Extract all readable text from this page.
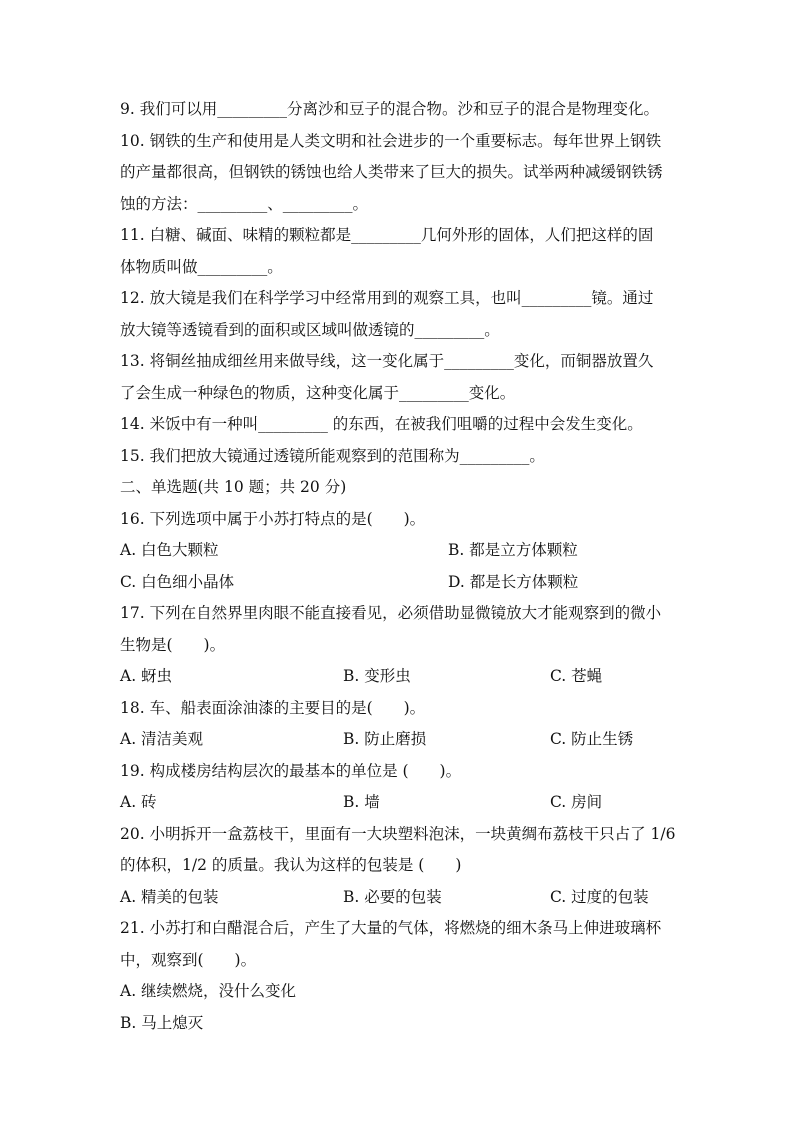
9. 我们可以用_________分离沙和豆子的混合物。沙和豆子的混合是物理变化。
10. 钢铁的生产和使用是人类文明和社会进步的一个重要标志。每年世界上钢铁
的产量都很高，但钢铁的锈蚀也给人类带来了巨大的损失。试举两种减缓钢铁锈
蚀的方法：_________、_________。
11. 白糖、碱面、味精的颗粒都是_________几何外形的固体，人们把这样的固
体物质叫做_________。
12. 放大镜是我们在科学学习中经常用到的观察工具，也叫_________镜。通过
放大镜等透镜看到的面积或区域叫做透镜的_________。
13. 将铜丝抽成细丝用来做导线，这一变化属于_________变化，而铜器放置久
了会生成一种绿色的物质，这种变化属于_________变化。
14. 米饭中有一种叫_________ 的东西，在被我们咀嚼的过程中会发生变化。
15. 我们把放大镜通过透镜所能观察到的范围称为_________。
二、单选题(共 10 题；共 20 分)
16. 下列选项中属于小苏打特点的是(　　)。
A. 白色大颗粒	B. 都是立方体颗粒
C. 白色细小晶体	D. 都是长方体颗粒
17. 下列在自然界里肉眼不能直接看见，必须借助显微镜放大才能观察到的微小
生物是(　　)。
A. 蚜虫	B. 变形虫	C. 苍蝇
18. 车、船表面涂油漆的主要目的是(　　)。
A. 清洁美观	B. 防止磨损	C. 防止生锈
19. 构成楼房结构层次的最基本的单位是 (　　)。
A. 砖	B. 墙	C. 房间
20. 小明拆开一盒荔枝干，里面有一大块塑料泡沫，一块黄绸布荔枝干只占了 1/6
的体积，1/2 的质量。我认为这样的包装是 (　　)
A. 精美的包装	B. 必要的包装	C. 过度的包装
21. 小苏打和白醋混合后，产生了大量的气体，将燃烧的细木条马上伸进玻璃杯
中，观察到(　　)。
A. 继续燃烧，没什么变化
B. 马上熄灭
